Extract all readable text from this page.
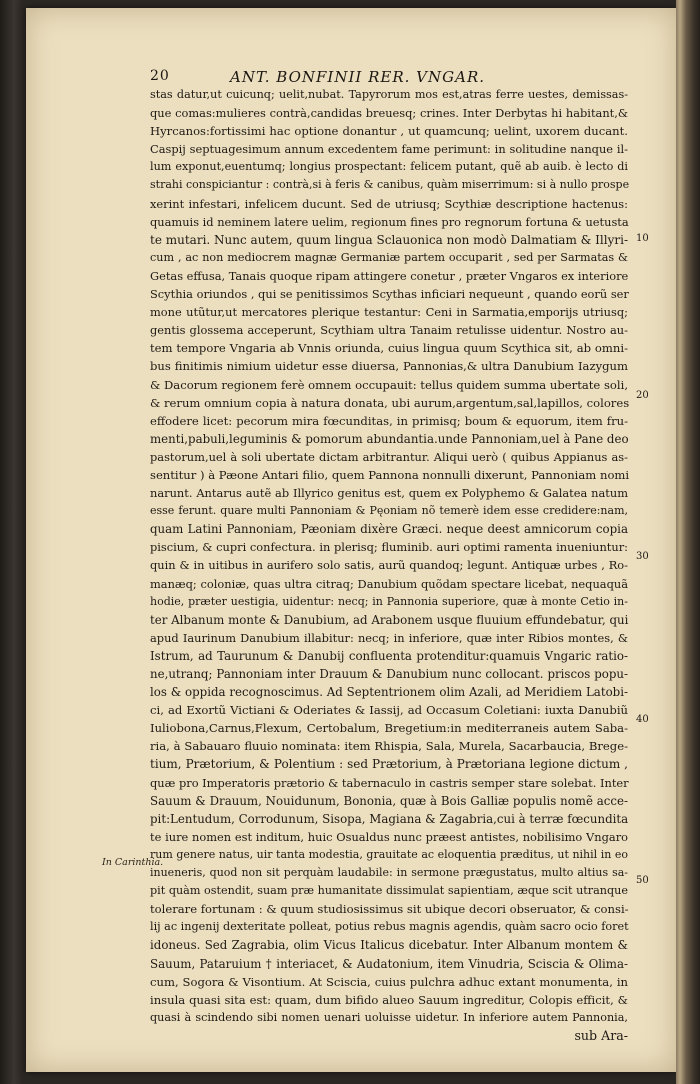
20	ANT. BONFINII RER. VNGAR.
stas datur,ut cuicunq; uelit,nubat. Tapyrorum mos est,atras ferre uestes, demissas-
que comas:mulieres contrà,candidas breuesq; crines. Inter Derbytas hi habitant,&
Hyrcanos:fortissimi hac optione donantur , ut quamcunq; uelint, uxorem ducant.
Caspij septuagesimum annum excedentem fame perimunt: in solitudine nanque il-
lum exponut,euentumq; longius prospectant: felicem putant, quẽ ab auib. è lecto di
strahi conspiciantur : contrà,si à feris & canibus, quàm miserrimum: si à nullo prospe
xerint infestari, infelicem ducunt. Sed de utriusq; Scythiæ descriptione hactenus:
quamuis id neminem latere uelim, regionum fines pro regnorum fortuna & uetusta
te mutari. Nunc autem, quum lingua Sclauonica non modò Dalmatiam & Illyri-
cum , ac non mediocrem magnæ Germaniæ partem occuparit , sed per Sarmatas &
Getas effusa, Tanais quoque ripam attingere conetur , præter Vngaros ex interiore
Scythia oriundos , qui se penitissimos Scythas inficiari nequeunt , quando eorũ ser
mone utũtur,ut mercatores plerique testantur: Ceni in Sarmatia,emporijs utriusq;
gentis glossema acceperunt, Scythiam ultra Tanaim retulisse uidentur. Nostro au-
tem tempore Vngaria ab Vnnis oriunda, cuius lingua quum Scythica sit, ab omni-
bus finitimis nimium uidetur esse diuersa, Pannonias,& ultra Danubium Iazygum
& Dacorum regionem ferè omnem occupauit: tellus quidem summa ubertate soli,
& rerum omnium copia à natura donata, ubi aurum,argentum,sal,lapillos, colores
effodere licet: pecorum mira fœcunditas, in primisq; boum & equorum, item fru-
menti,pabuli,leguminis & pomorum abundantia.unde Pannoniam,uel à Pane deo
pastorum,uel à soli ubertate dictam arbitrantur. Aliqui uerò ( quibus Appianus as-
sentitur ) à Pæone Antari filio, quem Pannona nonnulli dixerunt, Pannoniam nomi
narunt. Antarus autẽ ab Illyrico genitus est, quem ex Polyphemo & Galatea natum
esse ferunt. quare multi Pannoniam & Pęoniam nõ temerè idem esse credidere:nam,
quam Latini Pannoniam, Pæoniam dixère Græci. neque deest amnicorum copia
piscium, & cupri confectura. in plerisq; fluminib. auri optimi ramenta inueniuntur:
quin & in uitibus in aurifero solo satis, aurũ quandoq; legunt. Antiquæ urbes , Ro-
manæq; coloniæ, quas ultra citraq; Danubium quõdam spectare licebat, nequaquã
hodie, præter uestigia, uidentur: necq; in Pannonia superiore, quæ à monte Cetio in-
ter Albanum monte & Danubium, ad Arabonem usque fluuium effundebatur, qui
apud Iaurinum Danubium illabitur: necq; in inferiore, quæ inter Ribios montes, &
Istrum, ad Taurunum & Danubij confluenta protenditur:quamuis Vngaric ratio-
ne,utranq; Pannoniam inter Drauum & Danubium nunc collocant. priscos popu-
los & oppida recognoscimus. Ad Septentrionem olim Azali, ad Meridiem Latobi-
ci, ad Exortũ Victiani & Oderiates & Iassij, ad Occasum Coletiani: iuxta Danubiũ
Iuliobona,Carnus,Flexum, Certobalum, Bregetium:in mediterraneis autem Saba-
ria, à Sabauaro fluuio nominata: item Rhispia, Sala, Murela, Sacarbaucia, Brege-
tium, Prætorium, & Polentium : sed Prætorium, à Prætoriana legione dictum ,
quæ pro Imperatoris prætorio & tabernaculo in castris semper stare solebat. Inter
Sauum & Drauum, Nouidunum, Bononia, quæ à Bois Galliæ populis nomẽ acce-
pit:Lentudum, Corrodunum, Sisopa, Magiana & Zagabria,cui à terræ fœcundita
te iure nomen est inditum, huic Osualdus nunc præest antistes, nobilisimo Vngaro
rum genere natus, uir tanta modestia, grauitate ac eloquentia præditus, ut nihil in eo
inueneris, quod non sit perquàm laudabile: in sermone prægustatus, multo altius sa-
pit quàm ostendit, suam præ humanitate dissimulat sapientiam, æque scit utranque
tolerare fortunam : & quum studiosissimus sit ubique decori obseruator, & consi-
lij ac ingenij dexteritate polleat, potius rebus magnis agendis, quàm sacro ocio foret
idoneus. Sed Zagrabia, olim Vicus Italicus dicebatur. Inter Albanum montem &
Sauum, Pataruium † interiacet, & Audatonium, item Vinudria, Sciscia & Olima-
cum, Sogora & Visontium. At Sciscia, cuius pulchra adhuc extant monumenta, in
insula quasi sita est: quam, dum bifido alueo Sauum ingreditur, Colopis efficit, &
quasi à scindendo sibi nomen uenari uoluisse uidetur. In inferiore autem Pannonia,
sub Ara-
10
20
30
40
50
In Carinthia.
